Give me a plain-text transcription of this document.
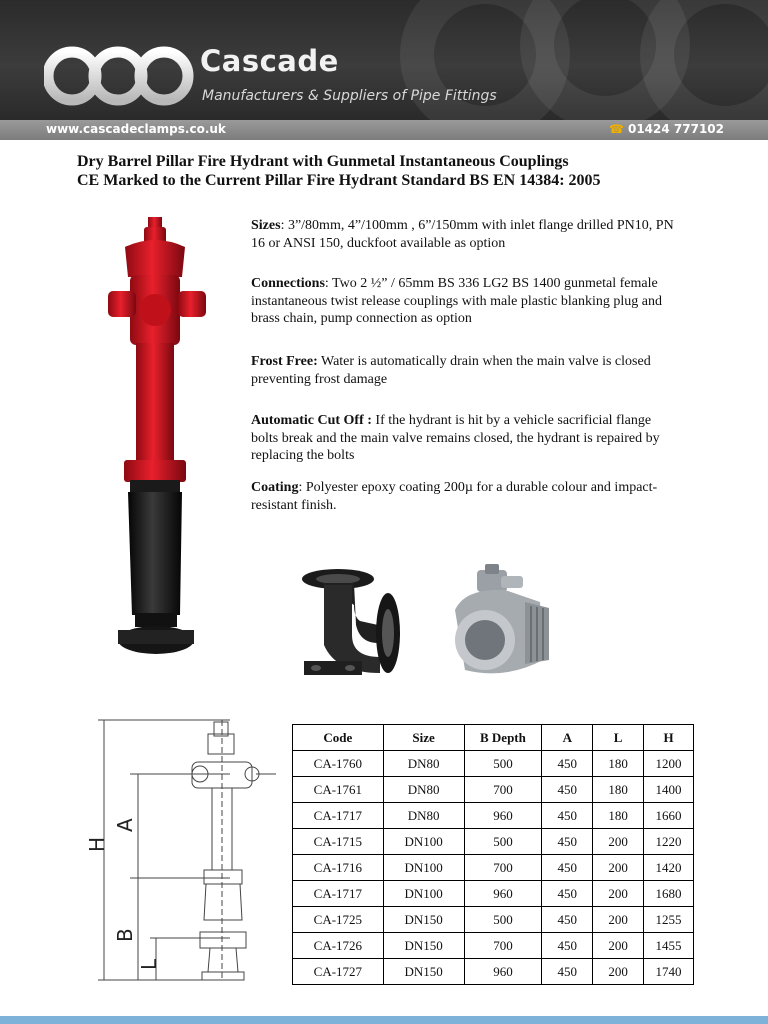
Cascade
Manufacturers & Suppliers of Pipe Fittings
www.cascadeclamps.co.uk	☎ 01424 777102
Dry Barrel Pillar Fire Hydrant with Gunmetal Instantaneous Couplings
CE Marked to the Current Pillar Fire Hydrant Standard BS EN 14384: 2005
Sizes: 3”/80mm, 4”/100mm , 6”/150mm with inlet flange drilled PN10, PN 16 or ANSI 150, duckfoot available as option
Connections: Two 2 ½” / 65mm BS 336 LG2 BS 1400 gunmetal female instantaneous twist release couplings with male plastic blanking plug and brass chain, pump connection as option
Frost Free: Water is automatically drain when the main valve is closed preventing frost damage
Automatic Cut Off : If the hydrant is hit by a vehicle sacrificial flange bolts break and the main valve remains closed, the hydrant is repaired by replacing the bolts
Coating: Polyester epoxy coating 200µ for a durable colour and impact-resistant finish.
H
A
B
L
Code	Size	B Depth	A	L	H
CA-1760	DN80	500	450	180	1200
CA-1761	DN80	700	450	180	1400
CA-1717	DN80	960	450	180	1660
CA-1715	DN100	500	450	200	1220
CA-1716	DN100	700	450	200	1420
CA-1717	DN100	960	450	200	1680
CA-1725	DN150	500	450	200	1255
CA-1726	DN150	700	450	200	1455
CA-1727	DN150	960	450	200	1740
